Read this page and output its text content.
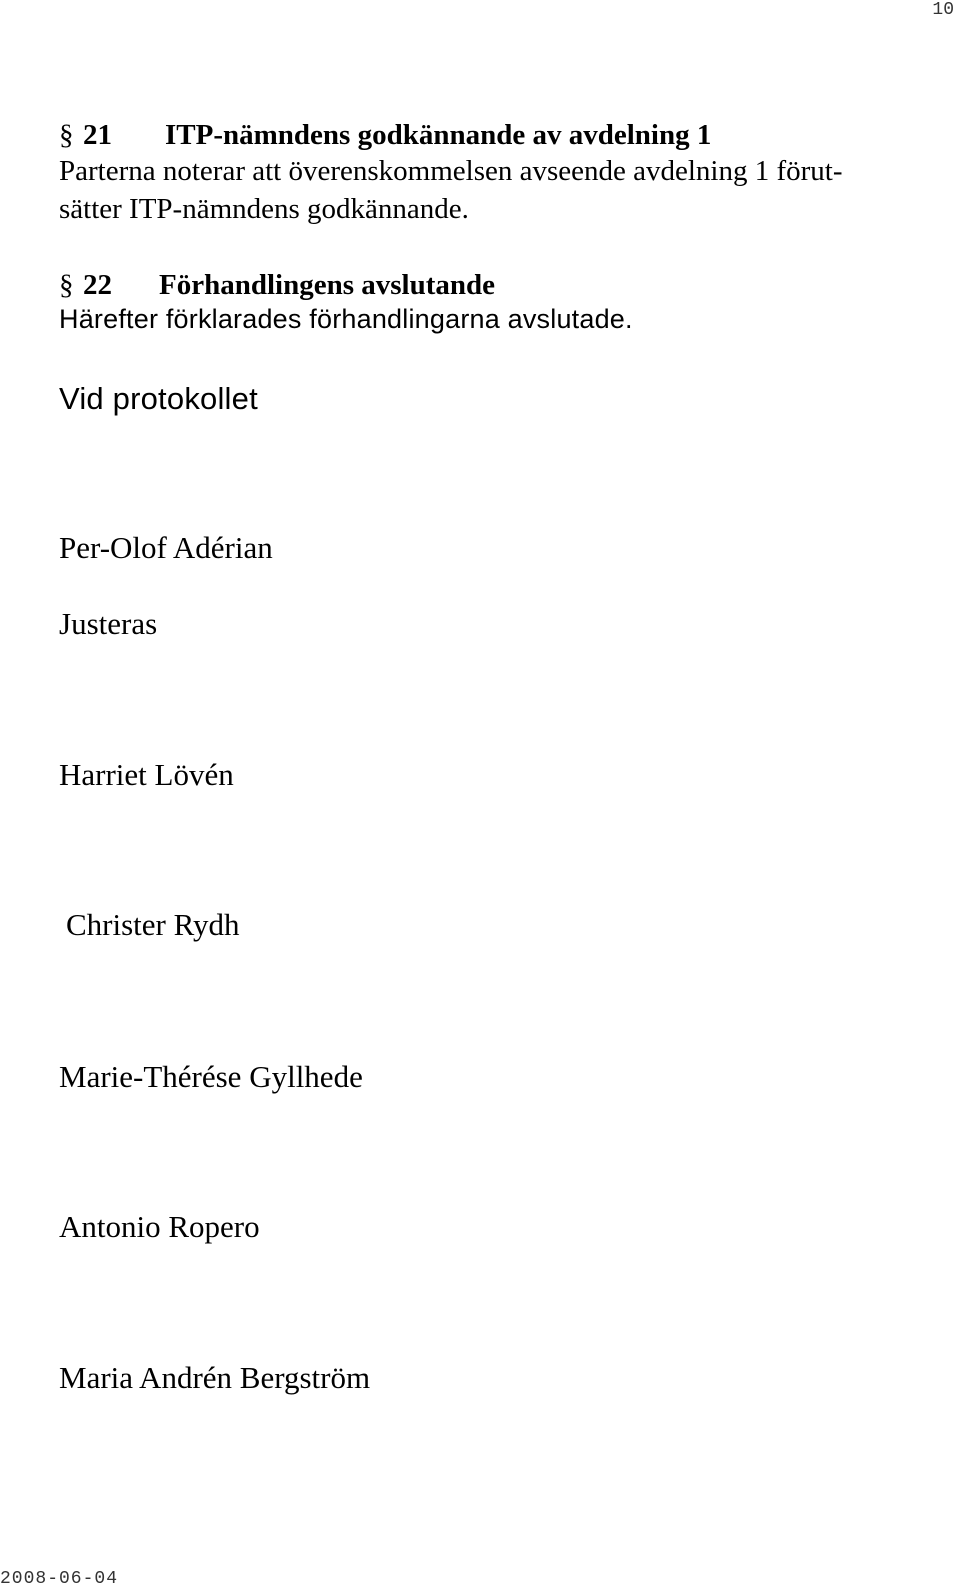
10
§ 21 ITP-nämndens godkännande av avdelning 1
Parterna noterar att överenskommelsen avseende avdelning 1 förut-
sätter ITP-nämndens godkännande.
§ 22 Förhandlingens avslutande
Härefter förklarades förhandlingarna avslutade.
Vid protokollet
Per-Olof Adérian
Justeras
Harriet Lövén
Christer Rydh
Marie-Thérése Gyllhede
Antonio Ropero
Maria Andrén Bergström
2008-06-04
